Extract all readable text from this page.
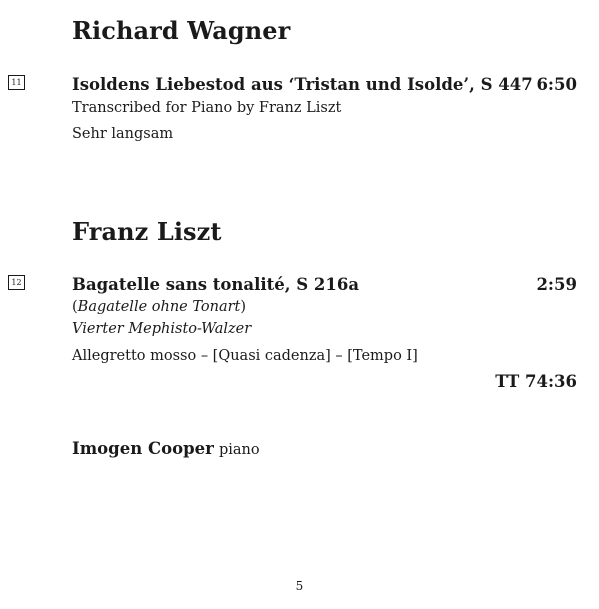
Richard Wagner
11	Isoldens Liebestod aus ‘Tristan und Isolde’, S 447 6:50
Transcribed for Piano by Franz Liszt
Sehr langsam
Franz Liszt
12	Bagatelle sans tonalité, S 216a	2:59
(Bagatelle ohne Tonart)
Vierter Mephisto-Walzer
Allegretto mosso – [Quasi cadenza] – [Tempo I]
TT 74:36
Imogen Cooper piano
5
